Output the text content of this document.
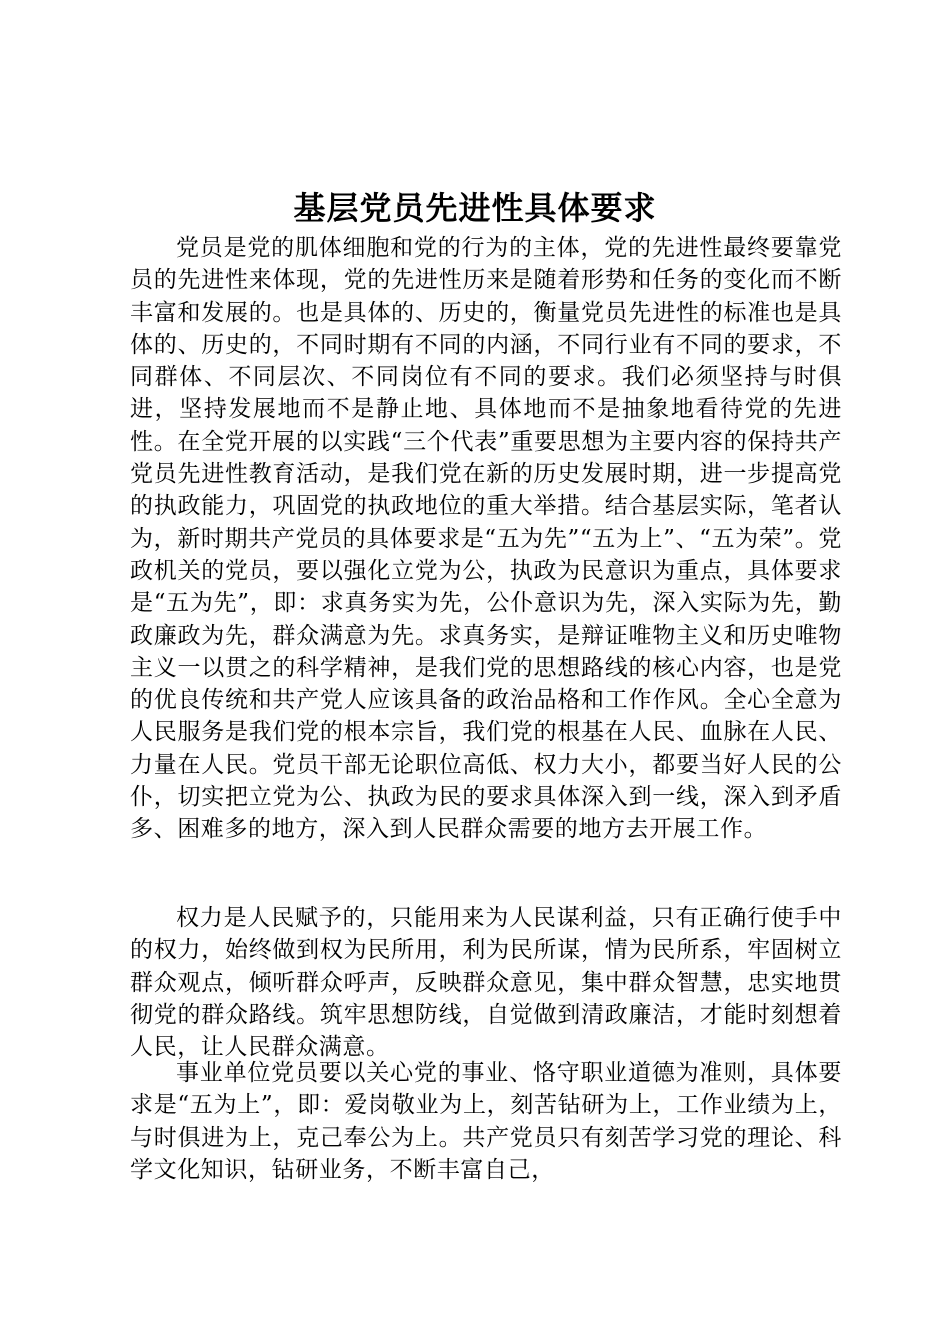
基层党员先进性具体要求

党员是党的肌体细胞和党的行为的主体，党的先进性最终要靠党员的先进性来体现，党的先进性历来是随着形势和任务的变化而不断丰富和发展的。也是具体的、历史的，衡量党员先进性的标准也是具体的、历史的，不同时期有不同的内涵，不同行业有不同的要求，不同群体、不同层次、不同岗位有不同的要求。我们必须坚持与时俱进，坚持发展地而不是静止地、具体地而不是抽象地看待党的先进性。在全党开展的以实践“三个代表”重要思想为主要内容的保持共产党员先进性教育活动，是我们党在新的历史发展时期，进一步提高党的执政能力，巩固党的执政地位的重大举措。结合基层实际，笔者认为，新时期共产党员的具体要求是“五为先”“五为上”、“五为荣”。党政机关的党员，要以强化立党为公，执政为民意识为重点，具体要求是“五为先”，即：求真务实为先，公仆意识为先，深入实际为先，勤政廉政为先，群众满意为先。求真务实，是辩证唯物主义和历史唯物主义一以贯之的科学精神，是我们党的思想路线的核心内容，也是党的优良传统和共产党人应该具备的政治品格和工作作风。全心全意为人民服务是我们党的根本宗旨，我们党的根基在人民、血脉在人民、力量在人民。党员干部无论职位高低、权力大小，都要当好人民的公仆，切实把立党为公、执政为民的要求具体深入到一线，深入到矛盾多、困难多的地方，深入到人民群众需要的地方去开展工作。

权力是人民赋予的，只能用来为人民谋利益，只有正确行使手中的权力，始终做到权为民所用，利为民所谋，情为民所系，牢固树立群众观点，倾听群众呼声，反映群众意见，集中群众智慧，忠实地贯彻党的群众路线。筑牢思想防线，自觉做到清政廉洁，才能时刻想着人民，让人民群众满意。

事业单位党员要以关心党的事业、恪守职业道德为准则，具体要求是“五为上”，即：爱岗敬业为上，刻苦钻研为上，工作业绩为上，与时俱进为上，克己奉公为上。共产党员只有刻苦学习党的理论、科学文化知识，钻研业务，不断丰富自己，
